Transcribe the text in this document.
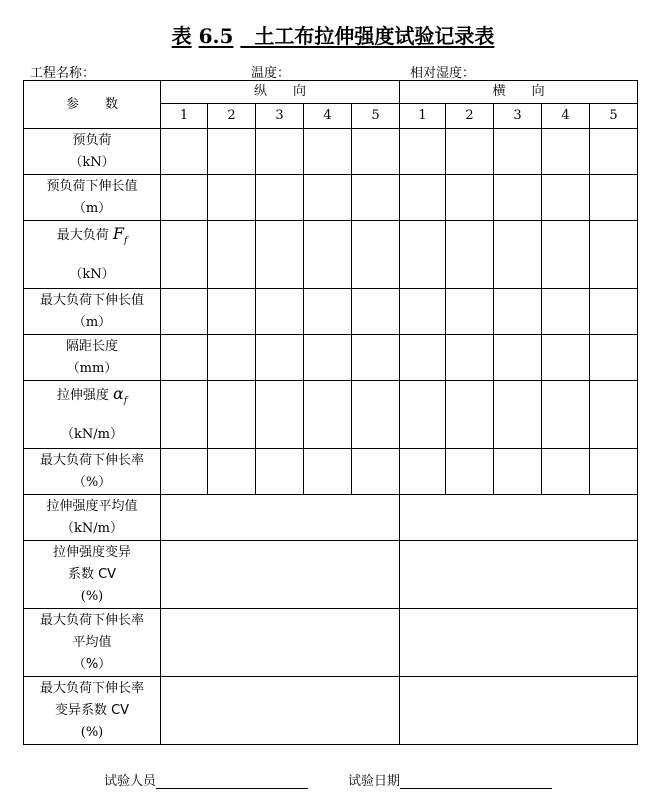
表 6.5 土工布拉伸强度试验记录表
工程名称：	温度：	相对湿度：
参　　数	纵　　向					横　　向				
	1	2	3	4	5	1	2	3	4	5

预负荷
（kN）										

预负荷下伸长值
（m）										

最大负荷 $F_f$
（kN）										

最大负荷下伸长值
（m）										

隔距长度
（mm）										

拉伸强度 $\alpha_f$
（kN/m）										

最大负荷下伸长率
（%）										

拉伸强度平均值
（kN/m）										

拉伸强度变异
系数 CV
(%)										

最大负荷下伸长率
平均值
（%）										

最大负荷下伸长率
变异系数 CV
(%)										

试验人员	试验日期
